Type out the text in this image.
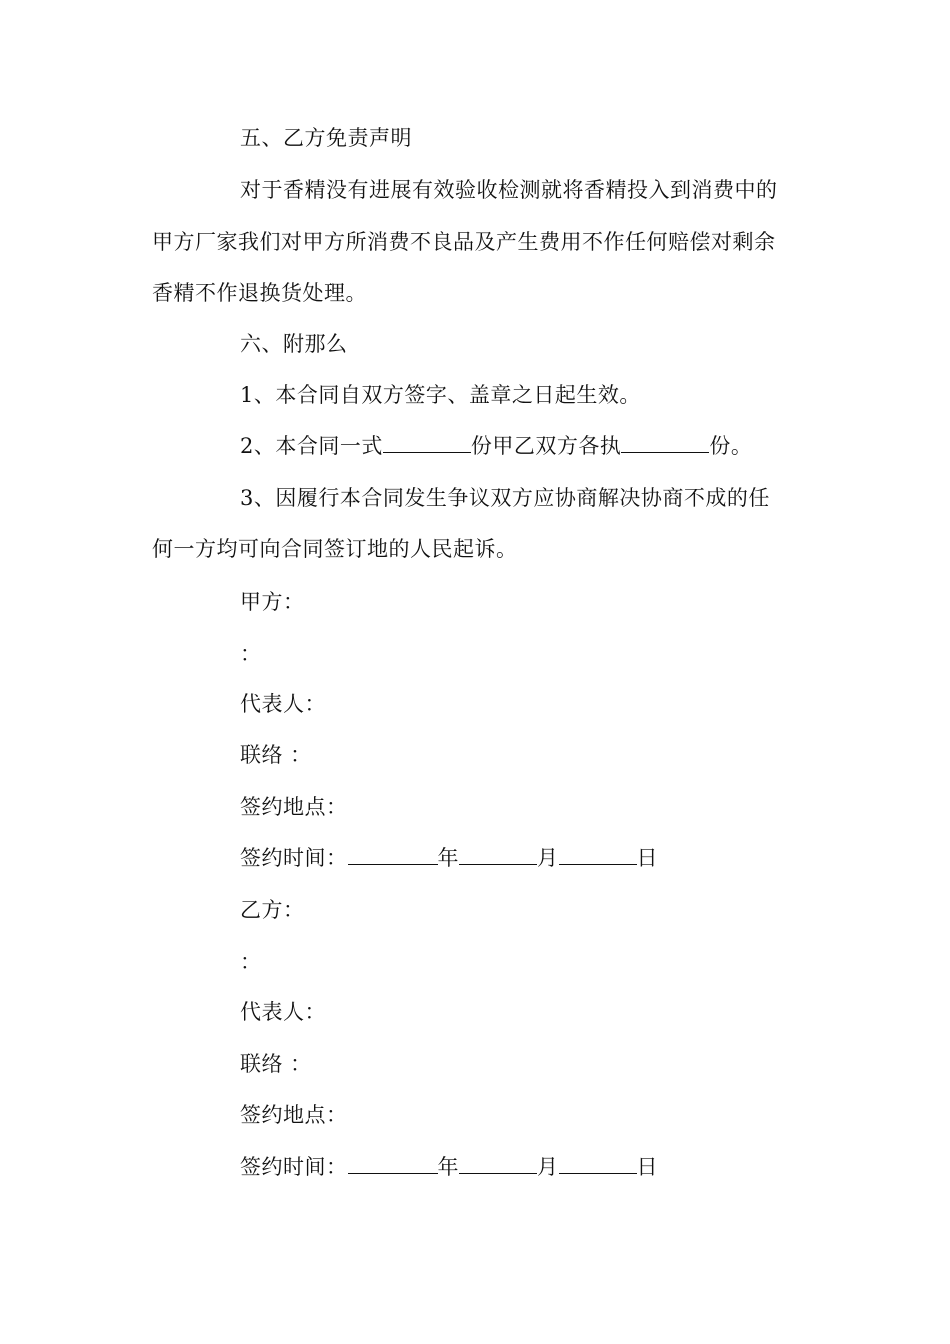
五、乙方免责声明
对于香精没有进展有效验收检测就将香精投入到消费中的
甲方厂家我们对甲方所消费不良品及产生费用不作任何赔偿对剩余
香精不作退换货处理。
六、附那么
1、本合同自双方签字、盖章之日起生效。
2、本合同一式	份甲乙双方各执	份。
3、因履行本合同发生争议双方应协商解决协商不成的任
何一方均可向合同签订地的人民起诉。
甲方：
：
代表人：
联络 ：
签约地点：
签约时间：	年	月	日
乙方：
：
代表人：
联络 ：
签约地点：
签约时间：	年	月	日
